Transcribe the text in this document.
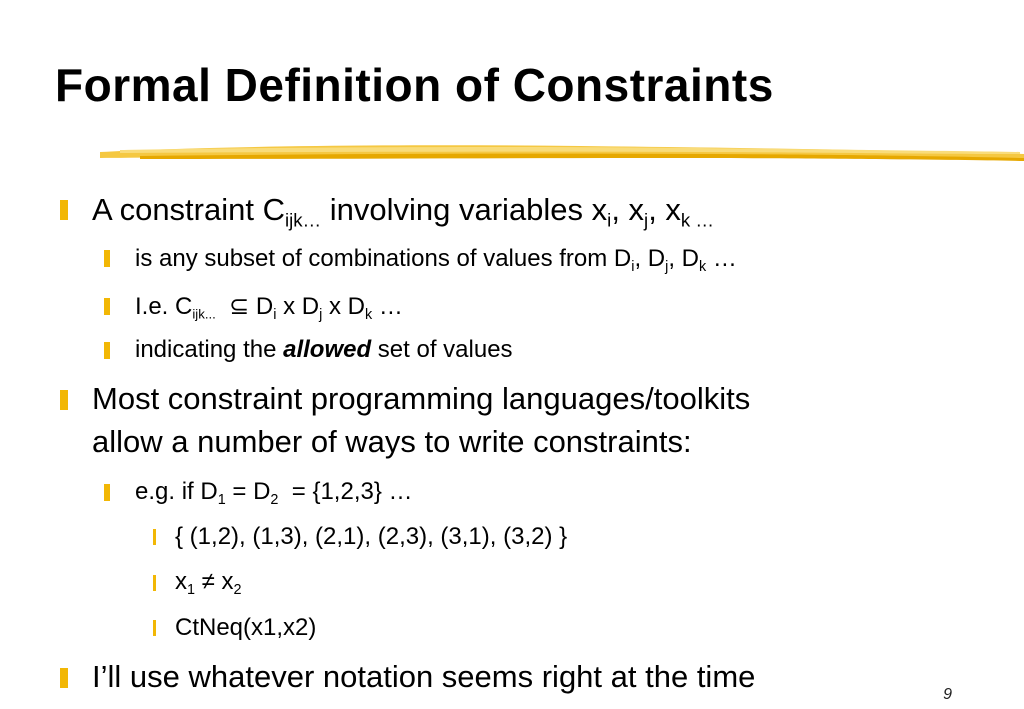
Formal Definition of Constraints
A constraint $C_{ijk\dots}$ involving variables $x_i$, $x_j$, $x_{k \dots}$
is any subset of combinations of values from $D_i$, $D_j$, $D_k$ …
I.e. $C_{ijk...}$  ⊆ $D_i$ x $D_j$ x $D_k$ …
indicating the allowed set of values
Most constraint programming languages/toolkits
allow a number of ways to write constraints:
e.g. if $D_1 = D_2 = \{1,2,3\}$ …
{ (1,2), (1,3), (2,1), (2,3), (3,1), (3,2) }
$x_1 \ne x_2$
CtNeq(x1,x2)
I’ll use whatever notation seems right at the time
9
